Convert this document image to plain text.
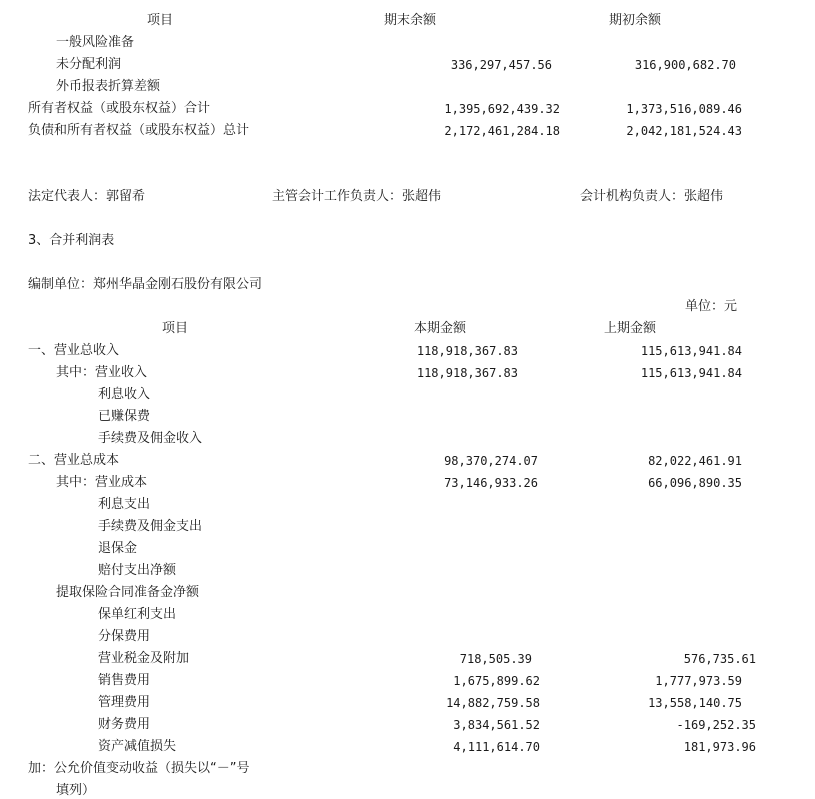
项目	期末余额	期初余额
一般风险准备
未分配利润	336,297,457.56	316,900,682.70
外币报表折算差额
所有者权益（或股东权益）合计	1,395,692,439.32	1,373,516,089.46
负债和所有者权益（或股东权益）总计	2,172,461,284.18	2,042,181,524.43
法定代表人：郭留希	主管会计工作负责人：张超伟	会计机构负责人：张超伟
3、合并利润表
编制单位：郑州华晶金刚石股份有限公司
单位：元
项目	本期金额	上期金额
一、营业总收入	118,918,367.83	115,613,941.84
其中：营业收入	118,918,367.83	115,613,941.84
利息收入
已赚保费
手续费及佣金收入
二、营业总成本	98,370,274.07	82,022,461.91
其中：营业成本	73,146,933.26	66,096,890.35
利息支出
手续费及佣金支出
退保金
赔付支出净额
提取保险合同准备金净额
保单红利支出
分保费用
营业税金及附加	718,505.39	576,735.61
销售费用	1,675,899.62	1,777,973.59
管理费用	14,882,759.58	13,558,140.75
财务费用	3,834,561.52	-169,252.35
资产减值损失	4,111,614.70	181,973.96
加：公允价值变动收益（损失以“－”号
填列）
